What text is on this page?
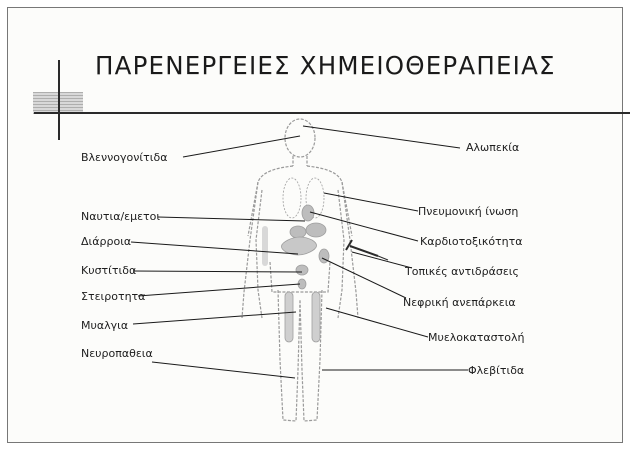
ΠΑΡΕΝΕΡΓΕΙΕΣ ΧΗΜΕΙΟΘΕΡΑΠΕΙΑΣ
Βλεννογονίτιδα
Ναυτια/εμετοι
Διάρροια
Κυστίτιδα
Στειροτητα
Μυαλγια
Νευροπαθεια
Αλωπεκία
Πνευμονική ίνωση
Καρδιοτοξικότητα
Τοπικές αντιδράσεις
Νεφρική ανεπάρκεια
Μυελοκαταστολή
Φλεβίτιδα
